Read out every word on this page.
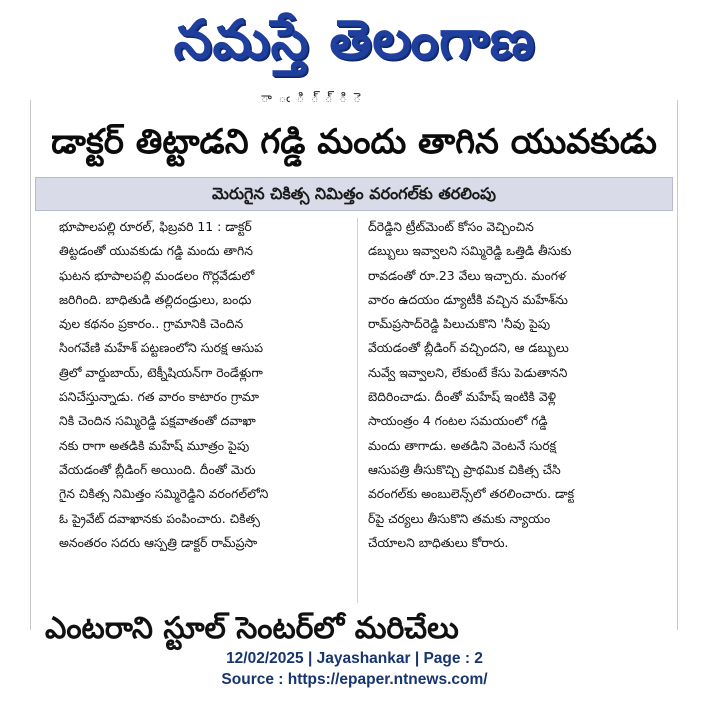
నమస్తే తెలంగాణ
ా ఁ ి ్ ్ ి ె
డాక్టర్ తిట్టాడని గడ్డి మందు తాగిన యువకుడు
మెరుగైన చికిత్స నిమిత్తం వరంగల్‌కు తరలింపు

భూపాలపల్లి రూరల్, ఫిబ్రవరి 11 : డాక్టర్

తిట్టడంతో యువకుడు గడ్డి మందు తాగిన

ఘటన భూపాలపల్లి మండలం గొర్లవేడులో

జరిగింది. బాధితుడి తల్లిదండ్రులు, బంధు

వుల కథనం ప్రకారం.. గ్రామానికి చెందిన

సింగవేణి మహేశ్ పట్టణంలోని సురక్ష ఆసుప

త్రిలో వార్డుబాయ్, టెక్నీషియన్‌గా రెండేళ్లుగా

పనిచేస్తున్నాడు. గత వారం కాటారం గ్రామా

నికి చెందిన సమ్మిరెడ్డి పక్షవాతంతో దవాఖా

నకు రాగా అతడికి మహేష్ మూత్రం పైపు

వేయడంతో బ్లీడింగ్ అయింది. దీంతో మెరు

గైన చికిత్స నిమిత్తం సమ్మిరెడ్డిని వరంగల్‌లోని

ఓ ప్రైవేట్ దవాఖానకు పంపించారు. చికిత్స

అనంతరం సదరు ఆస్పత్రి డాక్టర్ రామ్‌ప్రసా

ద్‌రెడ్డిని ట్రీట్‌మెంట్ కోసం వెచ్చించిన

డబ్బులు ఇవ్వాలని సమ్మిరెడ్డి ఒత్తిడి తీసుకు

రావడంతో రూ.23 వేలు ఇచ్చారు. మంగళ

వారం ఉదయం డ్యూటీకి వచ్చిన మహేశ్‌ను

రామ్‌ప్రసాద్‌రెడ్డి పిలుచుకొని 'నీవు పైపు

వేయడంతో బ్లీడింగ్ వచ్చిందని, ఆ డబ్బులు

నువ్వే ఇవ్వాలని, లేకుంటే కేసు పెడుతానని

బెదిరించాడు. దీంతో మహేష్ ఇంటికి వెళ్లి

సాయంత్రం 4 గంటల సమయంలో గడ్డి

మందు తాగాడు. అతడిని వెంటనే సురక్ష

ఆసుపత్రి తీసుకొచ్చి ప్రాథమిక చికిత్స చేసి

వరంగల్‌కు అంబులెన్స్‌లో తరలించారు. డాక్ట

ర్‌పై చర్యలు తీసుకొని తమకు న్యాయం

చేయాలని బాధితులు కోరారు.

ఎంటరాని స్టూల్ సెంటర్‌లో మరిచేలు
12/02/2025 | Jayashankar | Page : 2
Source : https://epaper.ntnews.com/
